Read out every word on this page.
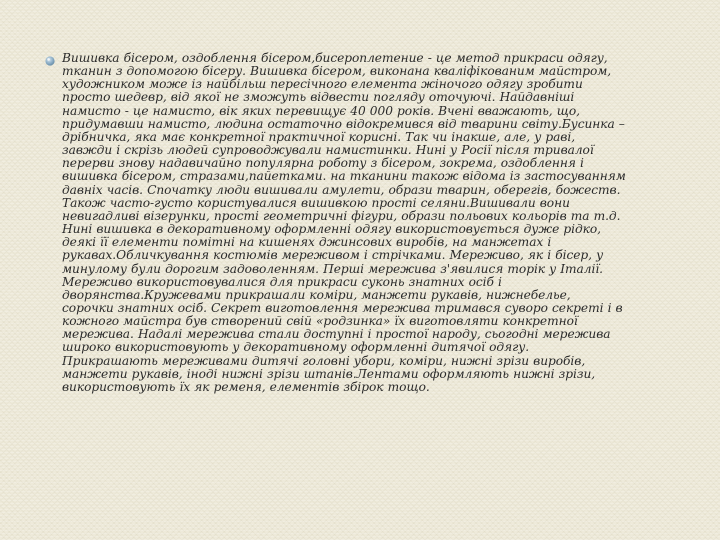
Вишивка бісером, оздоблення бісером,бисероплетение - це метод прикраси одягу,
тканин з допомогою бісеру. Вишивка бісером, виконана кваліфікованим майстром,
художником може із найбільш пересічного елемента жіночого одягу зробити
просто шедевр, від якої не зможуть відвести погляду оточуючі. Найдавніші
намисто - це намисто, вік яких перевищує 40 000 років. Вчені вважають, що,
придумавши намисто, людина остаточно відокремився від тварини світу.Бусинка –
дрібничка, яка має конкретної практичної корисні. Так чи інакше, але, у раві,
завжди і скрізь людей супроводжували намистинки. Нині у Росії після тривалої
перерви знову надавичайно популярна роботу з бісером, зокрема, оздоблення і
вишивка бісером, стразами,пайетками. на тканини також відома із застосуванням
давніх часів. Спочатку люди вишивали амулети, образи тварин, оберегів, божеств.
Також часто-густо користувалися вишивкою прості селяни.Вишивали вони
невигадливі візерунки, прості геометричні фігури, образи польових кольорів та т.д.
Нині вишивка в декоративному оформленні одягу використовується дуже рідко,
деякі її елементи помітні на кишенях джинсових виробів, на манжетах і
рукавах.Обличкування костюмів мереживом і стрічками. Мереживо, як і бісер, у
минулому були дорогим задоволенням. Перші мережива з'явилися торік у Італії.
Мереживо використовувалися для прикраси суконь знатних осіб і
дворянства.Кружевами прикрашали коміри, манжети рукавів, нижнебелье,
сорочки знатних осіб. Секрет виготовлення мережива тримався суворо секреті і в
кожного майстра був створений свій «родзинка» їх виготовляти конкретної
мережива. Надалі мережива стали доступні і простої народу, сьогодні мережива
широко використовують у декоративному оформленні дитячої одягу.
Прикрашають мереживами дитячі головні убори, коміри, нижні зрізи виробів,
манжети рукавів, іноді нижні зрізи штанів.Лентами оформляють нижні зрізи,
використовують їх як ременя, елементів збірок тощо.
